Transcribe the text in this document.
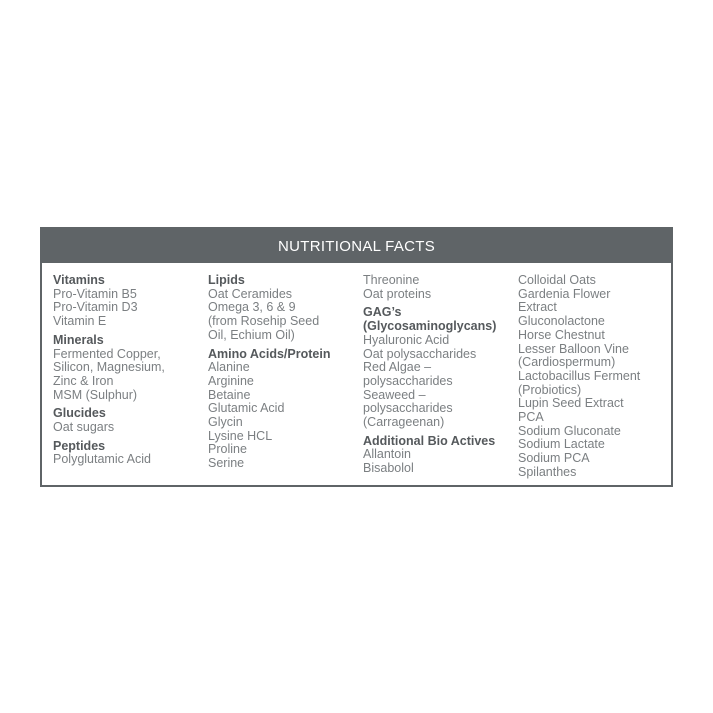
NUTRITIONAL FACTS
Vitamins
Pro-Vitamin B5
Pro-Vitamin D3
Vitamin E
Minerals
Fermented Copper,
Silicon, Magnesium,
Zinc & Iron
MSM (Sulphur)
Glucides
Oat sugars
Peptides
Polyglutamic Acid
Lipids
Oat Ceramides
Omega 3, 6 & 9
(from Rosehip Seed
Oil, Echium Oil)
Amino Acids/Protein
Alanine
Arginine
Betaine
Glutamic Acid
Glycin
Lysine HCL
Proline
Serine
Threonine
Oat proteins
GAG’s
(Glycosaminoglycans)
Hyaluronic Acid
Oat polysaccharides
Red Algae –
polysaccharides
Seaweed –
polysaccharides
(Carrageenan)
Additional Bio Actives
Allantoin
Bisabolol
Colloidal Oats
Gardenia Flower
Extract
Gluconolactone
Horse Chestnut
Lesser Balloon Vine
(Cardiospermum)
Lactobacillus Ferment
(Probiotics)
Lupin Seed Extract
PCA
Sodium Gluconate
Sodium Lactate
Sodium PCA
Spilanthes
